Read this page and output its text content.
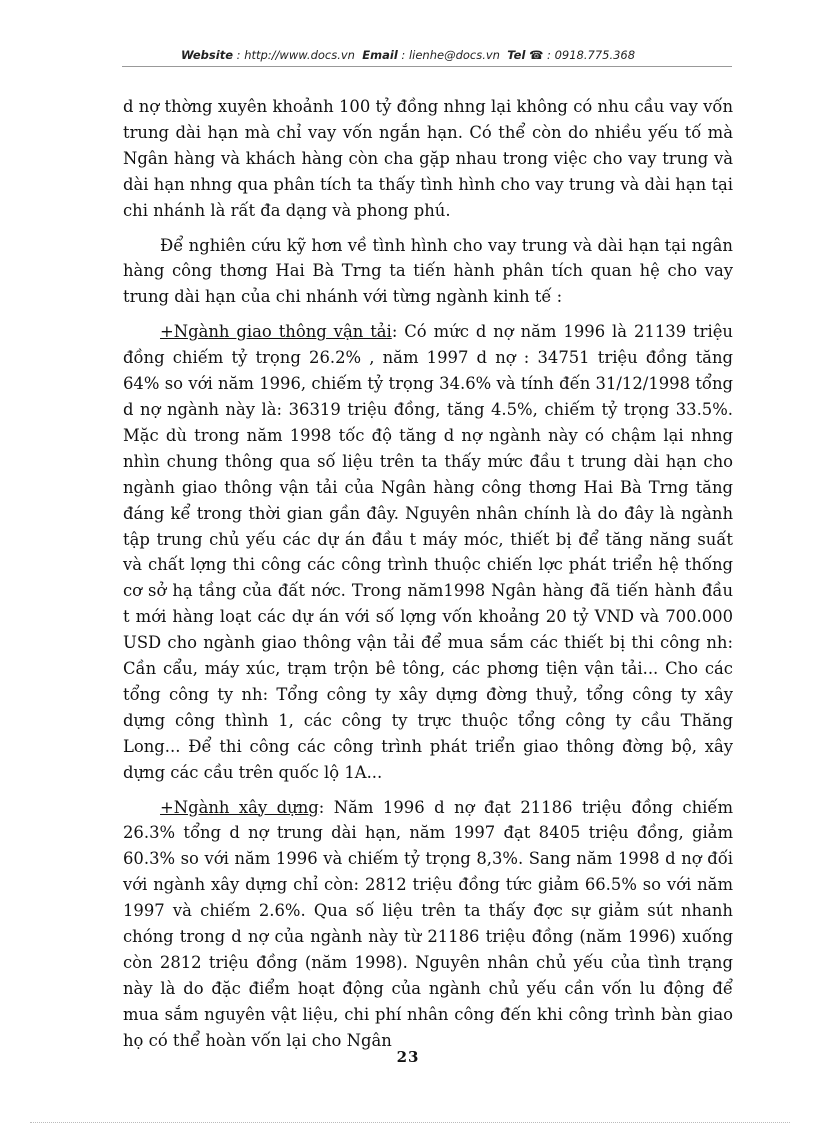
Website : http://www.docs.vn Email : lienhe@docs.vn Tel ☎ : 0918.775.368

d nợ thờng xuyên khoảnh 100 tỷ đồng nhng lại không có nhu cầu vay vốn trung dài hạn mà chỉ vay vốn ngắn hạn. Có thể còn do nhiều yếu tố mà Ngân hàng và khách hàng còn cha gặp nhau trong việc cho vay trung và dài hạn nhng qua phân tích ta thấy tình hình cho vay trung và dài hạn tại chi nhánh là rất đa dạng và phong phú.

Để nghiên cứu kỹ hơn về tình hình cho vay trung và dài hạn tại ngân hàng công thơng Hai Bà Trng ta tiến hành phân tích quan hệ cho vay trung dài hạn của chi nhánh với từng ngành kinh tế :

+Ngành giao thông vận tải: Có mức d nợ năm 1996 là 21139 triệu đồng chiếm tỷ trọng 26.2% , năm 1997 d nợ : 34751 triệu đồng tăng 64% so với năm 1996, chiếm tỷ trọng 34.6% và tính đến 31/12/1998 tổng d nợ ngành này là: 36319 triệu đồng, tăng 4.5%, chiếm tỷ trọng 33.5%. Mặc dù trong năm 1998 tốc độ tăng d nợ ngành này có chậm lại nhng nhìn chung thông qua số liệu trên ta thấy mức đầu t trung dài hạn cho ngành giao thông vận tải của Ngân hàng công thơng Hai Bà Trng tăng đáng kể trong thời gian gần đây. Nguyên nhân chính là do đây là ngành tập trung chủ yếu các dự án đầu t máy móc, thiết bị để tăng năng suất và chất lợng thi công các công trình thuộc chiến lợc phát triển hệ thống cơ sở hạ tầng của đất nớc. Trong năm1998 Ngân hàng đã tiến hành đầu t mới hàng loạt các dự án với số lợng vốn khoảng 20 tỷ VND và 700.000 USD cho ngành giao thông vận tải để mua sắm các thiết bị thi công nh: Cần cẩu, máy xúc, trạm trộn bê tông, các phơng tiện vận tải... Cho các tổng công ty nh: Tổng công ty xây dựng đờng thuỷ, tổng công ty xây dựng công thình 1, các công ty trực thuộc tổng công ty cầu Thăng Long... Để thi công các công trình phát triển giao thông đờng bộ, xây dựng các cầu trên quốc lộ 1A...

+Ngành xây dựng: Năm 1996 d nợ đạt 21186 triệu đồng chiếm 26.3% tổng d nợ trung dài hạn, năm 1997 đạt 8405 triệu đồng, giảm 60.3% so với năm 1996 và chiếm tỷ trọng 8,3%. Sang năm 1998 d nợ đối với ngành xây dựng chỉ còn: 2812 triệu đồng tức giảm 66.5% so với năm 1997 và chiếm 2.6%. Qua số liệu trên ta thấy đợc sự giảm sút nhanh chóng trong d nợ của ngành này từ 21186 triệu đồng (năm 1996) xuống còn 2812 triệu đồng (năm 1998). Nguyên nhân chủ yếu của tình trạng này là do đặc điểm hoạt động của ngành chủ yếu cần vốn lu động để mua sắm nguyên vật liệu, chi phí nhân công đến khi công trình bàn giao họ có thể hoàn vốn lại cho Ngân

23
